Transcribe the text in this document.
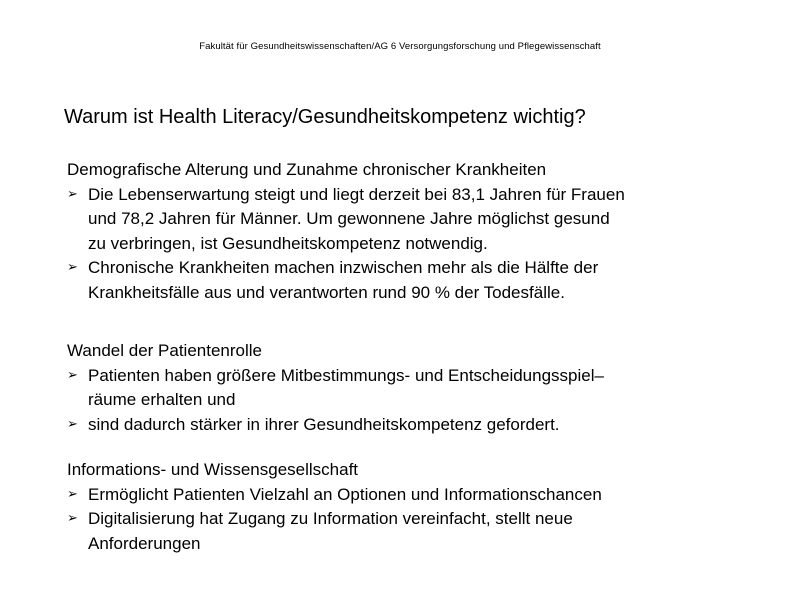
Fakultät für Gesundheitswissenschaften/AG 6 Versorgungsforschung und Pflegewissenschaft
Warum ist Health Literacy/Gesundheitskompetenz wichtig?
Demografische Alterung und Zunahme chronischer Krankheiten
➢ Die Lebenserwartung steigt und liegt derzeit bei 83,1 Jahren für Frauen
und 78,2 Jahren für Männer. Um gewonnene Jahre möglichst gesund
zu verbringen, ist Gesundheitskompetenz notwendig.
➢ Chronische Krankheiten machen inzwischen mehr als die Hälfte der
Krankheitsfälle aus und verantworten rund 90 % der Todesfälle.
Wandel der Patientenrolle
➢ Patienten haben größere Mitbestimmungs- und Entscheidungsspiel–
räume erhalten und
➢ sind dadurch stärker in ihrer Gesundheitskompetenz gefordert.
Informations- und Wissensgesellschaft
➢ Ermöglicht Patienten Vielzahl an Optionen und Informationschancen
➢ Digitalisierung hat Zugang zu Information vereinfacht, stellt neue
Anforderungen
